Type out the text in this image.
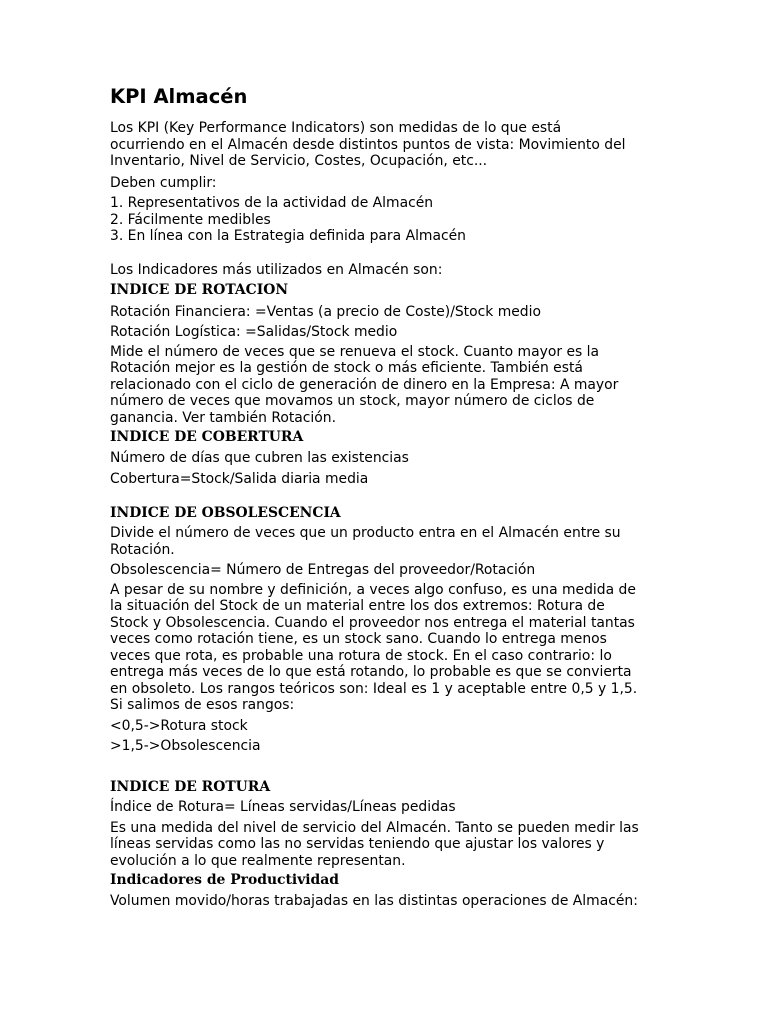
KPI Almacén
Los KPI (Key Performance Indicators) son medidas de lo que está
ocurriendo en el Almacén desde distintos puntos de vista: Movimiento del
Inventario, Nivel de Servicio, Costes, Ocupación, etc...
Deben cumplir:
1. Representativos de la actividad de Almacén
2. Fácilmente medibles
3. En línea con la Estrategia definida para Almacén
Los Indicadores más utilizados en Almacén son:
INDICE DE ROTACION
Rotación Financiera: =Ventas (a precio de Coste)/Stock medio
Rotación Logística: =Salidas/Stock medio
Mide el número de veces que se renueva el stock. Cuanto mayor es la
Rotación mejor es la gestión de stock o más eficiente. También está
relacionado con el ciclo de generación de dinero en la Empresa: A mayor
número de veces que movamos un stock, mayor número de ciclos de
ganancia. Ver también Rotación.
INDICE DE COBERTURA
Número de días que cubren las existencias
Cobertura=Stock/Salida diaria media
INDICE DE OBSOLESCENCIA
Divide el número de veces que un producto entra en el Almacén entre su
Rotación.
Obsolescencia= Número de Entregas del proveedor/Rotación
A pesar de su nombre y definición, a veces algo confuso, es una medida de
la situación del Stock de un material entre los dos extremos: Rotura de
Stock y Obsolescencia. Cuando el proveedor nos entrega el material tantas
veces como rotación tiene, es un stock sano. Cuando lo entrega menos
veces que rota, es probable una rotura de stock. En el caso contrario: lo
entrega más veces de lo que está rotando, lo probable es que se convierta
en obsoleto. Los rangos teóricos son: Ideal es 1 y aceptable entre 0,5 y 1,5.
Si salimos de esos rangos:
<0,5->Rotura stock
>1,5->Obsolescencia
INDICE DE ROTURA
Índice de Rotura= Líneas servidas/Líneas pedidas
Es una medida del nivel de servicio del Almacén. Tanto se pueden medir las
líneas servidas como las no servidas teniendo que ajustar los valores y
evolución a lo que realmente representan.
Indicadores de Productividad
Volumen movido/horas trabajadas en las distintas operaciones de Almacén:
